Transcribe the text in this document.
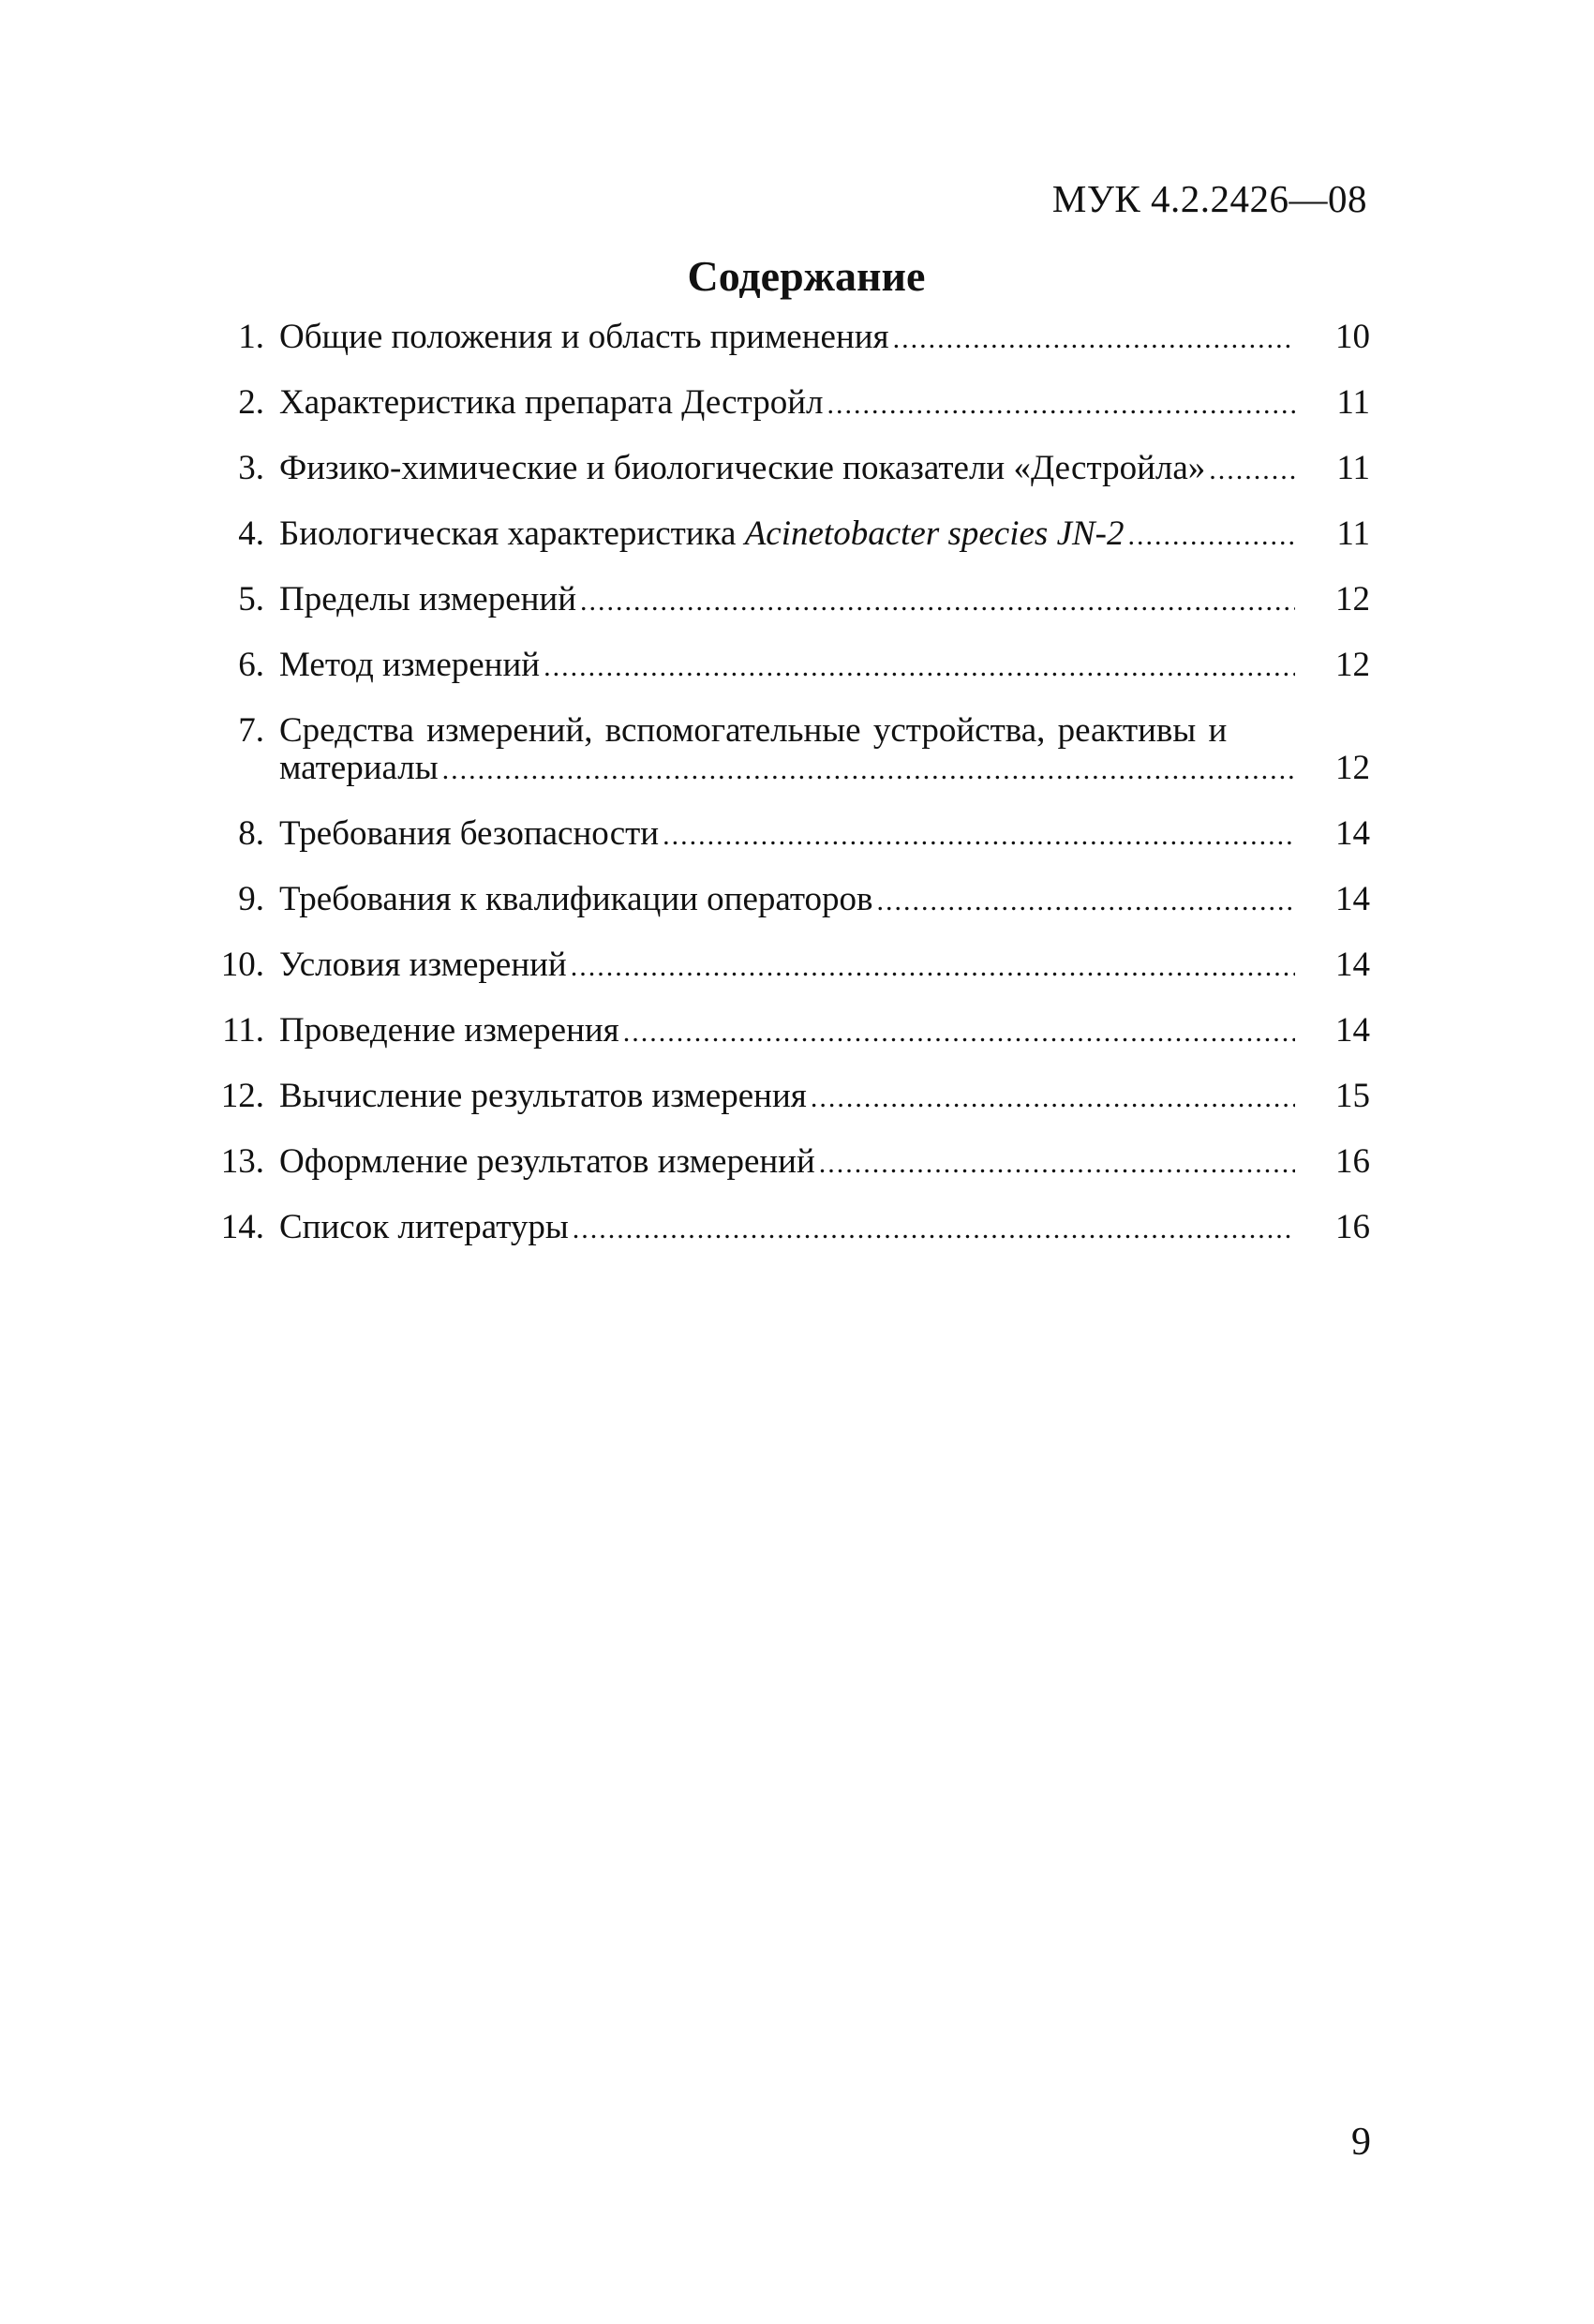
МУК 4.2.2426—08
Содержание
1. Общие положения и область применения .....	10
2. Характеристика препарата Дестройл .....	11
3. Физико-химические и биологические показатели «Дестройла» .....	11
4. Биологическая характеристика Acinetobacter species JN-2 .....	11
5. Пределы измерений .....	12
6. Метод измерений .....	12
7. Средства измерений, вспомогательные устройства, реактивы и
материалы .....	12
8. Требования безопасности .....	14
9. Требования к квалификации операторов .....	14
10. Условия измерений .....	14
11. Проведение измерения .....	14
12. Вычисление результатов измерения .....	15
13. Оформление результатов измерений .....	16
14. Список литературы .....	16
9
